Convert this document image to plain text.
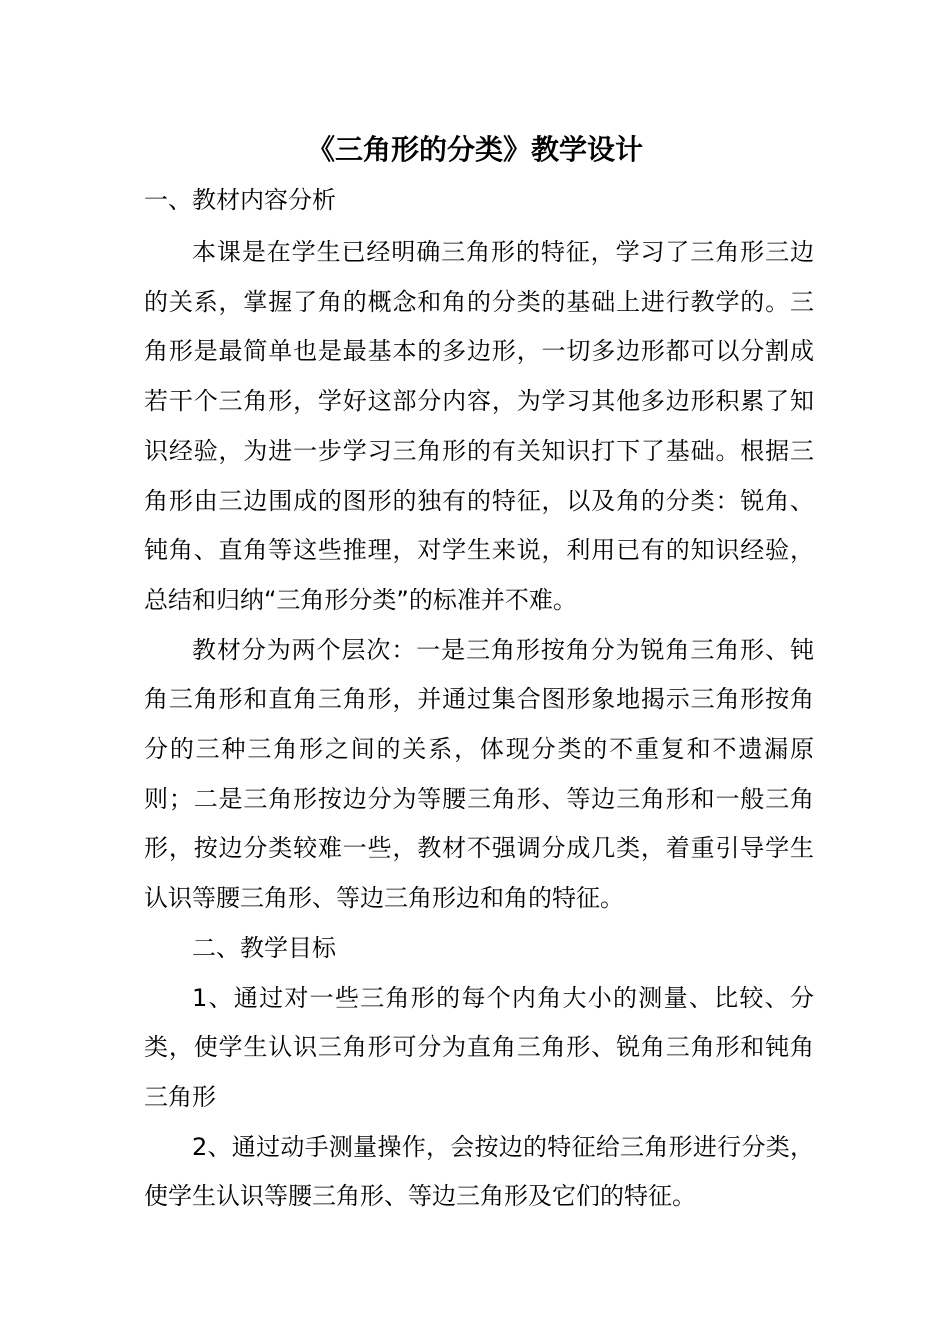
《三角形的分类》教学设计
一、教材内容分析

本课是在学生已经明确三角形的特征，学习了三角形三边的关系，掌握了角的概念和角的分类的基础上进行教学的。三角形是最简单也是最基本的多边形，一切多边形都可以分割成若干个三角形，学好这部分内容，为学习其他多边形积累了知识经验，为进一步学习三角形的有关知识打下了基础。根据三角形由三边围成的图形的独有的特征，以及角的分类：锐角、钝角、直角等这些推理，对学生来说，利用已有的知识经验，总结和归纳“三角形分类”的标准并不难。

教材分为两个层次：一是三角形按角分为锐角三角形、钝角三角形和直角三角形，并通过集合图形象地揭示三角形按角分的三种三角形之间的关系，体现分类的不重复和不遗漏原则；二是三角形按边分为等腰三角形、等边三角形和一般三角形，按边分类较难一些，教材不强调分成几类，着重引导学生认识等腰三角形、等边三角形边和角的特征。

二、教学目标

1、通过对一些三角形的每个内角大小的测量、比较、分类，使学生认识三角形可分为直角三角形、锐角三角形和钝角三角形

2、通过动手测量操作，会按边的特征给三角形进行分类，使学生认识等腰三角形、等边三角形及它们的特征。
